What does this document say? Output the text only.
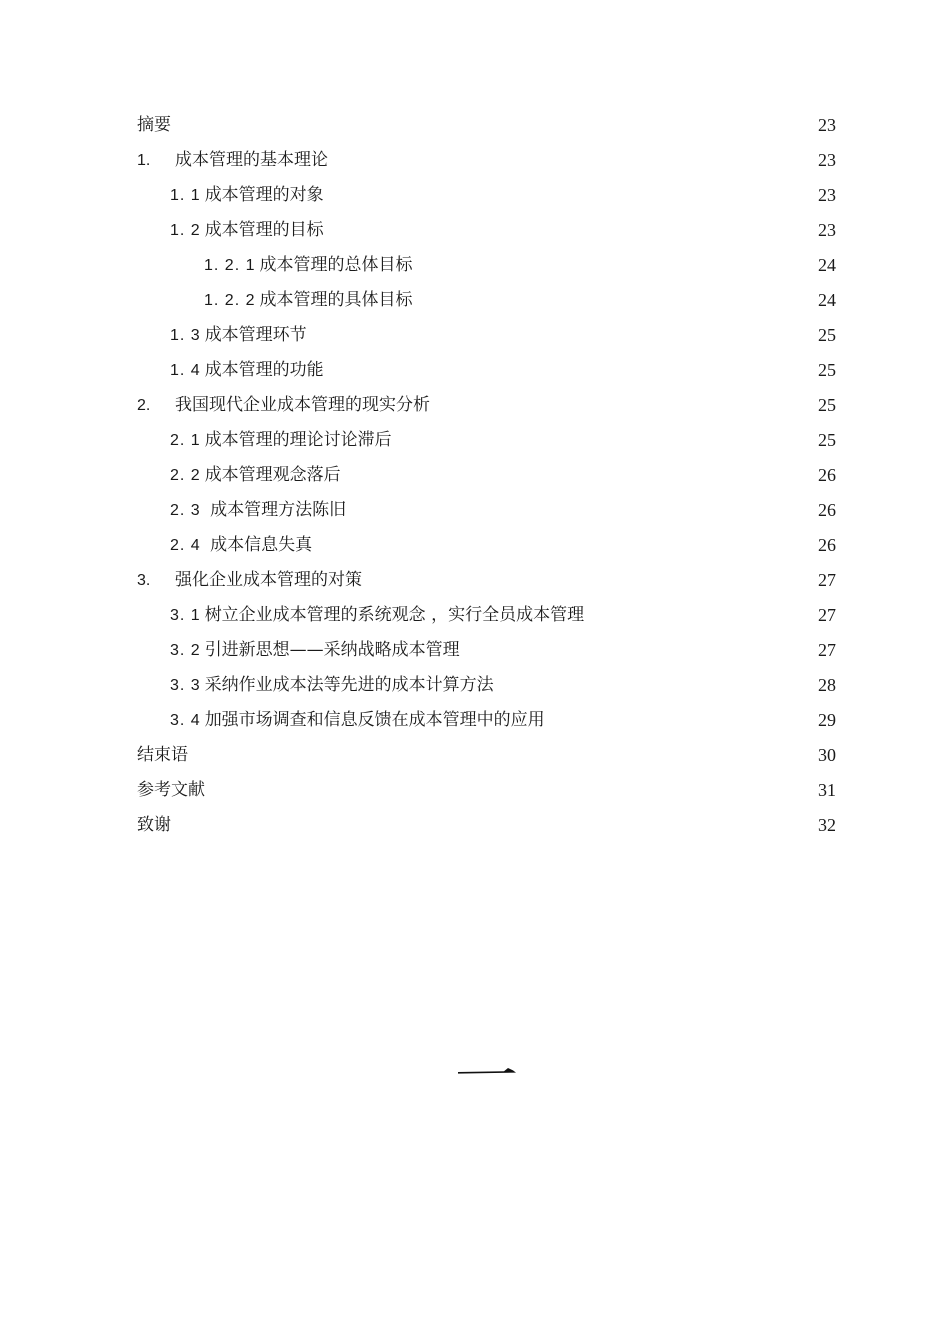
摘要	23
1. 成本管理的基本理论	23
1. 1 成本管理的对象	23
1. 2 成本管理的目标	23
1. 2. 1 成本管理的总体目标	24
1. 2. 2 成本管理的具体目标	24
1. 3 成本管理环节	25
1. 4 成本管理的功能	25
2. 我国现代企业成本管理的现实分析	25
2. 1 成本管理的理论讨论滞后	25
2. 2 成本管理观念落后	26
2. 3 成本管理方法陈旧	26
2. 4 成本信息失真	26
3. 强化企业成本管理的对策	27
3. 1 树立企业成本管理的系统观念 ，实行全员成本管理	27
3. 2 引进新思想——采纳战略成本管理	27
3. 3 采纳作业成本法等先进的成本计算方法	28
3. 4 加强市场调查和信息反馈在成本管理中的应用	29
结束语	30
参考文献	31
致谢	32
